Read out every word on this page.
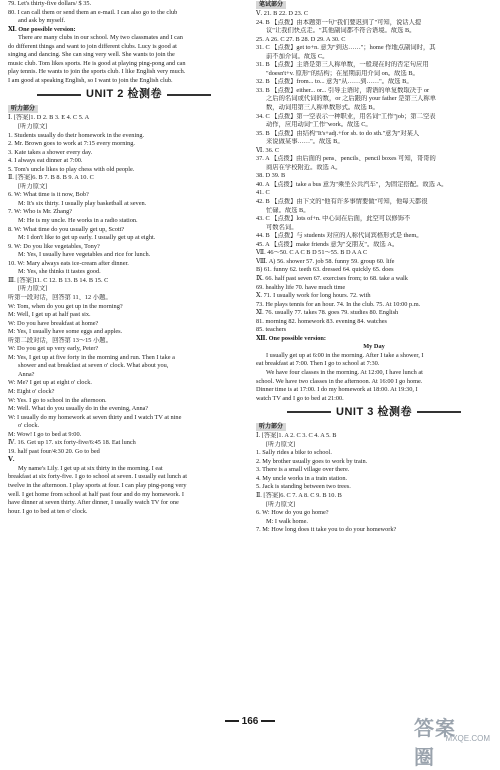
79. Let's thirty-five dollars/ $ 35.
80. I can call them or send them an e-mail. I can also go to the club
and ask by myself.
Ⅺ. One possible version:
There are many clubs in our school. My two classmates and I can
do different things and want to join different clubs. Lucy is good at
singing and dancing. She can sing very well. She wants to join the
music club. Tom likes sports. He is good at playing ping-pong and can
play tennis. He wants to join the sports club. I like English very much.
I am good at speaking English, so I want to join the English club.
UNIT 2 检测卷
听力部分
Ⅰ. [答案]1. D 2. B 3. E 4. C 5. A
[听力原文]
1. Students usually do their homework in the evening.
2. Mr. Brown goes to work at 7:15 every morning.
3. Kate takes a shower every day.
4. I always eat dinner at 7:00.
5. Tom's uncle likes to play chess with old people.
Ⅱ. [答案]6. B 7. B 8. B 9. A 10. C
[听力原文]
6. W: What time is it now, Bob?
M: It's six thirty. I usually play basketball at seven.
7. W: Who is Mr. Zhang?
M: He is my uncle. He works in a radio station.
8. W: What time do you usually get up, Scott?
M: I don't like to get up early. I usually get up at eight.
9. W: Do you like vegetables, Tony?
M: Yes, I usually have vegetables and rice for lunch.
10. W: Mary always eats ice-cream after dinner.
M: Yes, she thinks it tastes good.
Ⅲ. [答案]11. C 12. B 13. B 14. B 15. C
[听力原文]
听第一段对话，回答第 11、12 小题。
W: Tom, when do you get up in the morning?
M: Well, I get up at half past six.
W: Do you have breakfast at home?
M: Yes, I usually have some eggs and apples.
听第二段对话，回答第 13～15 小题。
W: Do you get up very early, Peter?
M: Yes, I get up at five forty in the morning and run. Then I take a
shower and eat breakfast at seven o' clock. What about you,
Anna?
W: Me? I get up at eight o' clock.
M: Eight o' clock?
W: Yes. I go to school in the afternoon.
M: Well. What do you usually do in the evening, Anna?
W: I usually do my homework at seven thirty and I watch TV at nine
o' clock.
M: Wow! I go to bed at 9:00.
Ⅳ. 16. Get up 17. six forty-five/6:45 18. Eat lunch
19. half past four/4:30 20. Go to bed
Ⅴ.
My name's Lily. I get up at six thirty in the morning. I eat
breakfast at six forty-five. I go to school at seven. I usually eat lunch at
twelve in the afternoon. I play sports at four. I can play ping-pong very
well. I get home from school at half past four and do my homework. I
have dinner at seven thirty. After dinner, I usually watch TV for one
hour. I go to bed at ten o' clock.
笔试部分
Ⅴ. 21. B 22. D 23. C
24. B 【点拨】由本题第一句"我们要迟到了"可知，说话人提
议"让我们快点走。"其他副词都不符合语境。故选 B。
25. A 26. C 27. B 28. D 29. A 30. C
31. C 【点拨】get to+n. 意为"到达……"；home 作地点副词时，其
前不加介词。故选 C。
31. B 【点拨】主语是第三人称单数，一般现在时的否定句应用
"doesn't+v. 原形"的结构；在星期前用介词 on。故选 B。
32. B 【点拨】from... to... 意为"从……到……"。故选 B。
33. B 【点拨】either... or... 引导主语时，谓语的单复数取决于 or
之后的名词或代词的数，or 之后跟的 your father 是第三人称单
数，动词用第三人称单数形式。故选 B。
34. C 【点拨】第一空表示一种职业，用名词"工作"job；第二空表
动作，应用动词"工作"work。故选 C。
35. B 【点拨】由结构"It's+adj.+for sb. to do sth."意为"对某人
来说做某事……"。故选 B。
Ⅵ. 36. C
37. A 【点拨】由后面的 pens、pencils、pencil boxes 可知，哥哥的
商店在学校附近。故选 A。
38. D 39. B
40. A 【点拨】take a bus 意为"乘坐公共汽车"，为固定搭配。故选 A。
41. C
42. B 【点拨】由下文的"他有许多事情要做"可知，他每天都很
忙碌。故选 B。
43. C 【点拨】lots of+n. 中心词在后面，此空可以修饰不
可数名词。
44. B 【点拨】与 students 对应的人称代词宾格形式是 them。
45. A 【点拨】make friends 意为"交朋友"。故选 A。
Ⅶ. 46～50. C A C B D 51～55. B D A A C
Ⅷ. A) 56. shower 57. job 58. funny 59. group 60. life
B) 61. funny 62. teeth 63. dressed 64. quickly 65. does
Ⅸ. 66. half past seven 67. exercises from; to 68. take a walk
69. healthy life 70. have much time
Ⅹ. 71. I usually work for long hours. 72. with
73. He plays tennis for an hour. 74. In the club. 75. At 10:00 p.m.
Ⅺ. 76. usually 77. takes 78. goes 79. studies 80. English
81. morning 82. homework 83. evening 84. watches
85. teachers
Ⅻ. One possible version:
My Day
I usually get up at 6:00 in the morning. After I take a shower, I
eat breakfast at 7:00. Then I go to school at 7:30.
We have four classes in the morning. At 12:00, I have lunch at
school. We have two classes in the afternoon. At 16:00 I go home.
Dinner time is at 17:00. I do my homework at 18:00. At 19:30, I
watch TV and I go to bed at 21:00.
UNIT 3 检测卷
听力部分
Ⅰ. [答案]1. A 2. C 3. C 4. A 5. B
[听力原文]
1. Sally rides a bike to school.
2. My brother usually goes to work by train.
3. There is a small village over there.
4. My uncle works in a train station.
5. Jack is standing between two trees.
Ⅱ. [答案]6. C 7. A 8. C 9. B 10. B
[听力原文]
6. W: How do you go home?
M: I walk home.
7. M: How long does it take you to do your homework?
166	答案圈
MXQE.COM
